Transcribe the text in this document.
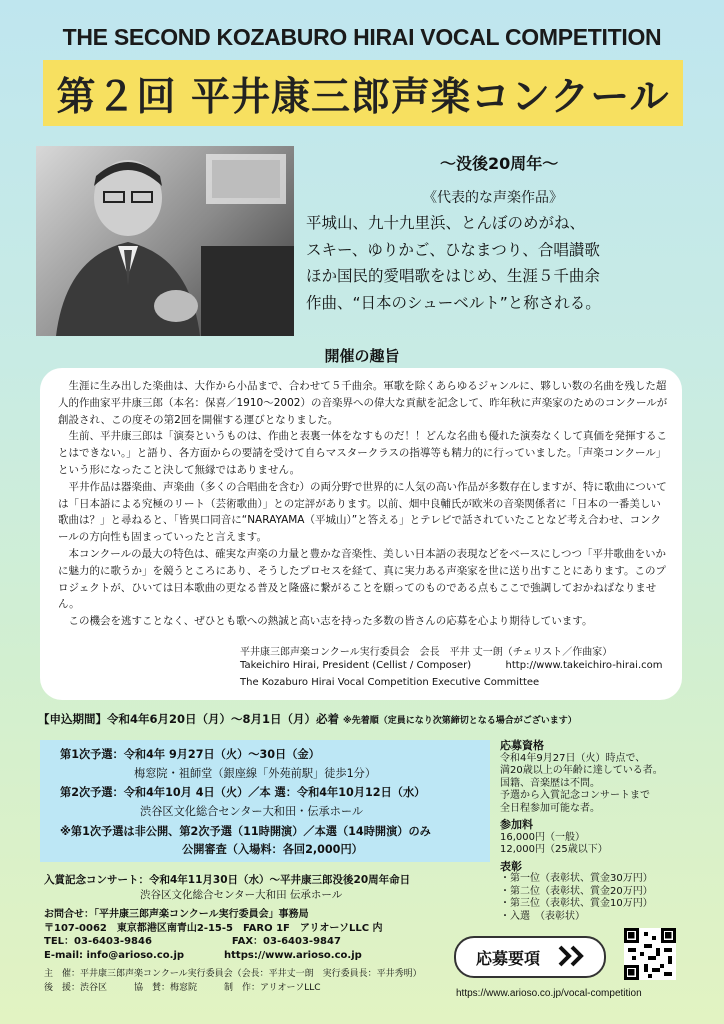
THE SECOND KOZABURO HIRAI VOCAL COMPETITION
第２回 平井康三郎声楽コンクール
～没後20周年～
《代表的な声楽作品》
平城山、九十九里浜、とんぼのめがね、
スキー、ゆりかご、ひなまつり、合唱讃歌
ほか国民的愛唱歌をはじめ、生涯５千曲余
作曲、“日本のシューベルト”と称される。
開催の趣旨

生涯に生み出した楽曲は、大作から小品まで、合わせて５千曲余。軍歌を除くあらゆるジャンルに、夥しい数の名曲を残した超人的作曲家平井康三郎（本名：保喜／1910～2002）の音楽界への偉大な貢献を記念して、昨年秋に声楽家のためのコンクールが創設され、この度その第2回を開催する運びとなりました。

生前、平井康三郎は「演奏というものは、作曲と表裏一体をなすものだ！！どんな名曲も優れた演奏なくして真価を発揮することはできない。」と語り、各方面からの要請を受けて自らマスタークラスの指導等も精力的に行っていました。「声楽コンクール」という形になったこと決して無縁ではありません。

平井作品は器楽曲、声楽曲（多くの合唱曲を含む）の両分野で世界的に人気の高い作品が多数存在しますが、特に歌曲については「日本語による究極のリート（芸術歌曲）」との定評があります。以前、畑中良輔氏が欧米の音楽関係者に「日本の一番美しい歌曲は？」と尋ねると、「皆異口同音に“NARAYAMA（平城山）”と答える」とテレビで話されていたことなど考え合わせ、コンクールの方向性も固まっていったと言えます。

本コンクールの最大の特色は、確実な声楽の力量と豊かな音楽性、美しい日本語の表現などをベースにしつつ「平井歌曲をいかに魅力的に歌うか」を競うところにあり、そうしたプロセスを経て、真に実力ある声楽家を世に送り出すことにあります。このプロジェクトが、ひいては日本歌曲の更なる普及と隆盛に繋がることを願ってのものである点もここで強調しておかねばなりません。

この機会を逃すことなく、ぜひとも歌への熱誠と高い志を持った多数の皆さんの応募を心より期待しています。

平井康三郎声楽コンクール実行委員会　会長　平井 丈一朗（チェリスト／作曲家）
Takeichiro Hirai, President (Cellist / Composer)	http://www.takeichiro-hirai.com
The Kozaburo Hirai Vocal Competition Executive Committee
【申込期間】令和4年6月20日（月）～8月1日（月）必着 ※先着順（定員になり次第締切となる場合がございます）
第1次予選：令和4年 9月27日（火）～30日（金）
梅窓院・祖師堂（銀座線「外苑前駅」徒歩1分）
第2次予選：令和4年10月 4日（火）／本 選：令和4年10月12日（水）
渋谷区文化総合センター大和田・伝承ホール
※第1次予選は非公開、第2次予選（11時開演）／本選（14時開演）のみ
公開審査（入場料：各回2,000円）
応募資格
令和4年9月27日（火）時点で、
満20歳以上の年齢に達している者。
国籍、音楽歴は不問。
予選から入賞記念コンサートまで
全日程参加可能な者。
参加料
16,000円（一般）
12,000円（25歳以下）
表彰
・第一位（表彰状、賞金30万円）
・第二位（表彰状、賞金20万円）
・第三位（表彰状、賞金10万円）
・入選　（表彰状）
入賞記念コンサート：令和4年11月30日（水）～平井康三郎没後20周年命日
渋谷区文化総合センター大和田 伝承ホール
お問合せ：「平井康三郎声楽コンクール実行委員会」事務局
〒107-0062　東京都港区南青山2-15-5　FARO 1F　アリオーソLLC 内
TEL：03-6403-9846　　　　　　　　FAX：03-6403-9847
E-mail: info@arioso.co.jp　　　　https://www.arioso.co.jp
主　催：平井康三郎声楽コンクール実行委員会（会長：平井丈一朗　実行委員長：平井秀明）
後　援：渋谷区　　　協　賛：梅窓院　　　制　作：アリオーソLLC
応募要項
https://www.arioso.co.jp/vocal-competition
